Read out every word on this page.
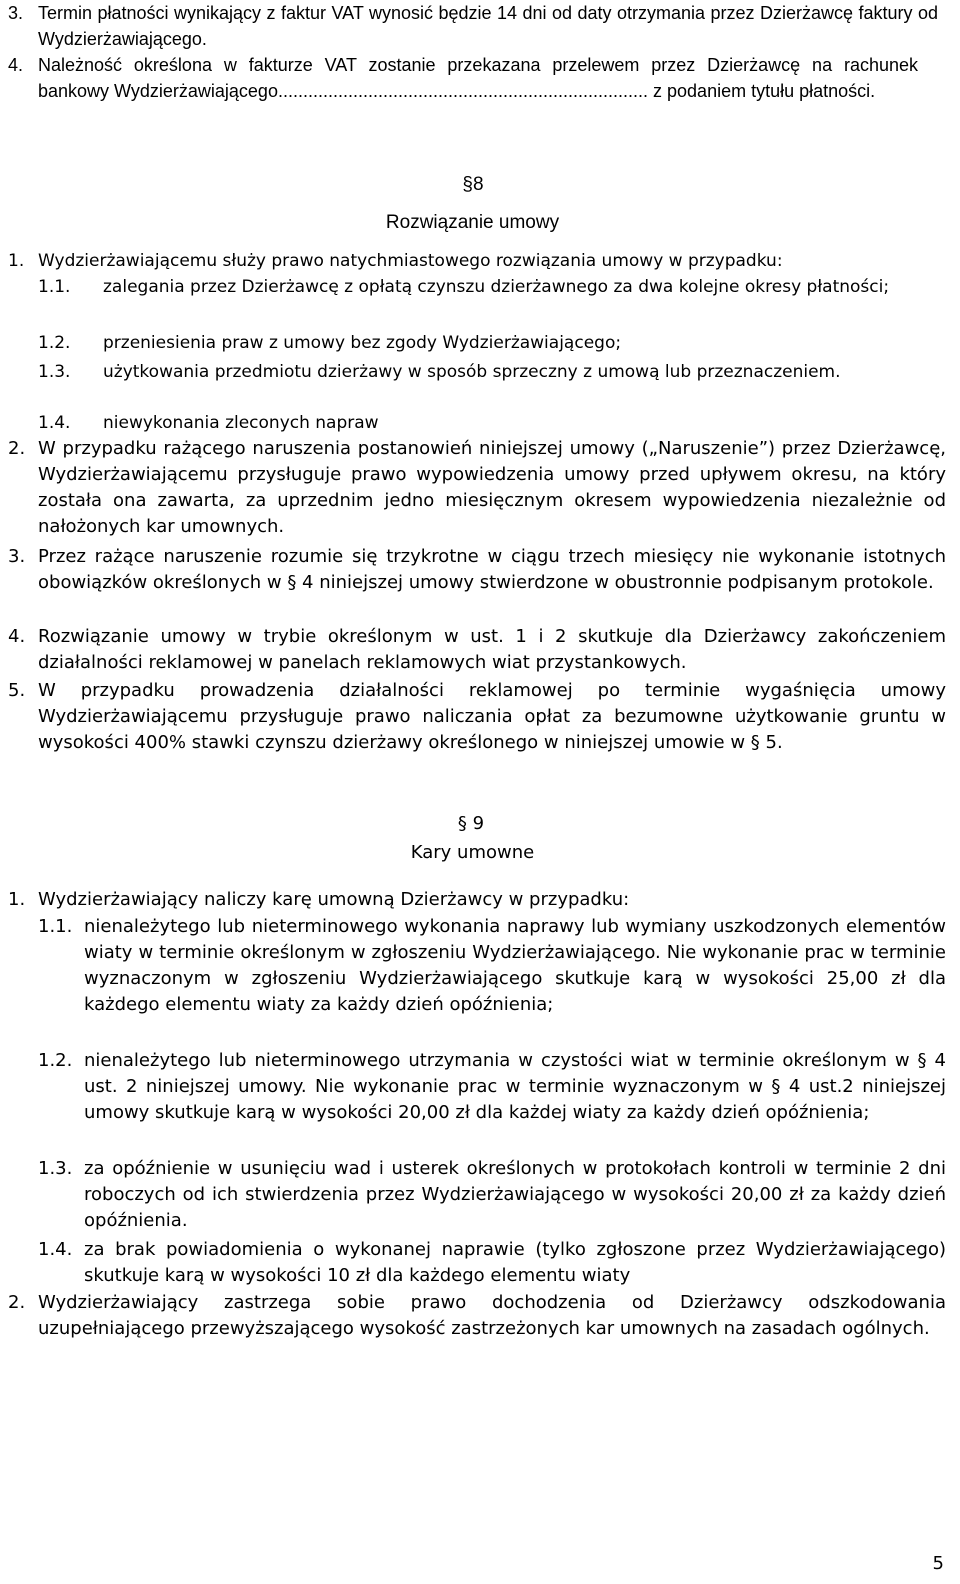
3. Termin płatności wynikający z faktur VAT wynosić będzie 14 dni od daty otrzymania przez Dzierżawcę faktury od Wydzierżawiającego.
4. Należność określona w fakturze VAT zostanie przekazana przelewem przez Dzierżawcę na rachunek bankowy Wydzierżawiającego.......................................................................... z podaniem tytułu płatności.
§8
Rozwiązanie umowy
1. Wydzierżawiającemu służy prawo natychmiastowego rozwiązania umowy w przypadku:
1.1. zalegania przez Dzierżawcę z opłatą czynszu dzierżawnego za dwa kolejne okresy płatności;
1.2. przeniesienia praw z umowy bez zgody Wydzierżawiającego;
1.3. użytkowania przedmiotu dzierżawy w sposób sprzeczny z umową lub przeznaczeniem.
1.4. niewykonania zleconych napraw
2. W przypadku rażącego naruszenia postanowień niniejszej umowy („Naruszenie”) przez Dzierżawcę, Wydzierżawiającemu przysługuje prawo wypowiedzenia umowy przed upływem okresu, na który została ona zawarta, za uprzednim jedno miesięcznym okresem wypowiedzenia niezależnie od nałożonych kar umownych.
3. Przez rażące naruszenie rozumie się trzykrotne w ciągu trzech miesięcy nie wykonanie istotnych obowiązków określonych w § 4 niniejszej umowy stwierdzone w obustronnie podpisanym protokole.
4. Rozwiązanie umowy w trybie określonym w ust. 1 i 2 skutkuje dla Dzierżawcy zakończeniem działalności reklamowej w panelach reklamowych wiat przystankowych.
5. W przypadku prowadzenia działalności reklamowej po terminie wygaśnięcia umowy Wydzierżawiającemu przysługuje prawo naliczania opłat za bezumowne użytkowanie gruntu w wysokości 400% stawki czynszu dzierżawy określonego w niniejszej umowie w § 5.
§ 9
Kary umowne
1. Wydzierżawiający naliczy karę umowną Dzierżawcy w przypadku:
1.1. nienależytego lub nieterminowego wykonania naprawy lub wymiany uszkodzonych elementów wiaty w terminie określonym w zgłoszeniu Wydzierżawiającego. Nie wykonanie prac w terminie wyznaczonym w zgłoszeniu Wydzierżawiającego skutkuje karą w wysokości 25,00 zł dla każdego elementu wiaty za każdy dzień opóźnienia;
1.2. nienależytego lub nieterminowego utrzymania w czystości wiat w terminie określonym w § 4 ust. 2 niniejszej umowy. Nie wykonanie prac w terminie wyznaczonym w § 4 ust.2 niniejszej umowy skutkuje karą w wysokości 20,00 zł dla każdej wiaty za każdy dzień opóźnienia;
1.3. za opóźnienie w usunięciu wad i usterek określonych w protokołach kontroli w terminie 2 dni roboczych od ich stwierdzenia przez Wydzierżawiającego w wysokości 20,00 zł za każdy dzień opóźnienia.
1.4. za brak powiadomienia o wykonanej naprawie (tylko zgłoszone przez Wydzierżawiającego) skutkuje karą w wysokości 10 zł dla każdego elementu wiaty
2. Wydzierżawiający zastrzega sobie prawo dochodzenia od Dzierżawcy odszkodowania uzupełniającego przewyższającego wysokość zastrzeżonych kar umownych na zasadach ogólnych.
5
